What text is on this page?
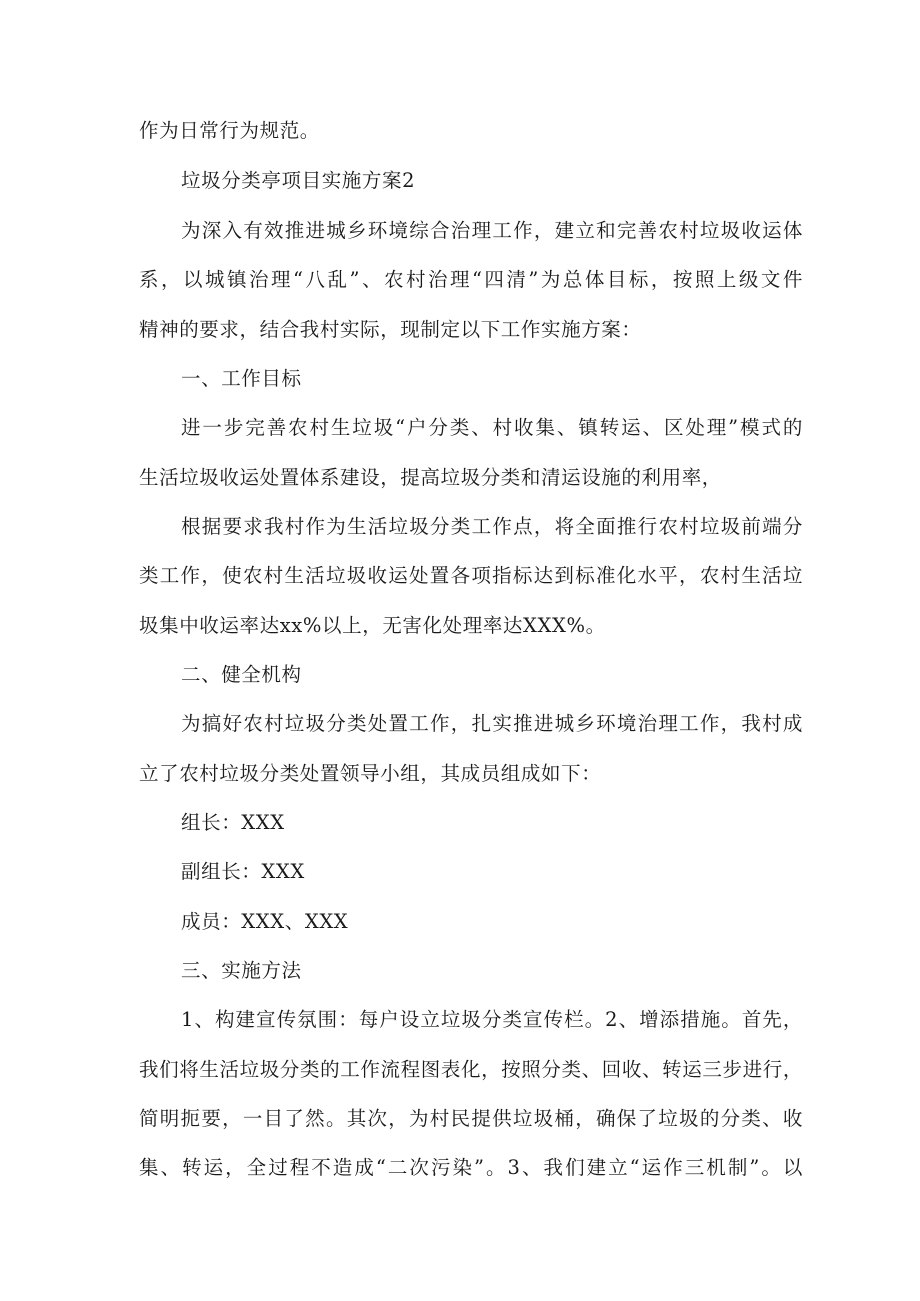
作为日常行为规范。
垃圾分类亭项目实施方案2
为深入有效推进城乡环境综合治理工作，建立和完善农村垃圾收运体
系，以城镇治理“八乱”、农村治理“四清”为总体目标，按照上级文件
精神的要求，结合我村实际，现制定以下工作实施方案：
一、工作目标
进一步完善农村生垃圾“户分类、村收集、镇转运、区处理”模式的
生活垃圾收运处置体系建设，提高垃圾分类和清运设施的利用率，
根据要求我村作为生活垃圾分类工作点，将全面推行农村垃圾前端分
类工作，使农村生活垃圾收运处置各项指标达到标准化水平，农村生活垃
圾集中收运率达xx%以上，无害化处理率达XXX%。
二、健全机构
为搞好农村垃圾分类处置工作，扎实推进城乡环境治理工作，我村成
立了农村垃圾分类处置领导小组，其成员组成如下：
组长：XXX
副组长：XXX
成员：XXX、XXX
三、实施方法
1、构建宣传氛围：每户设立垃圾分类宣传栏。2、增添措施。首先，
我们将生活垃圾分类的工作流程图表化，按照分类、回收、转运三步进行，
简明扼要，一目了然。其次，为村民提供垃圾桶，确保了垃圾的分类、收
集、转运，全过程不造成“二次污染”。3、我们建立“运作三机制”。以
